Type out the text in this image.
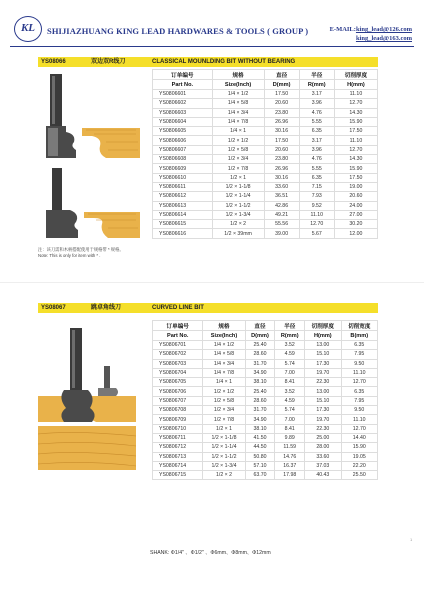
KL	SHIJIAZHUANG KING LEAD HARDWARES & TOOLS ( GROUP )	E-MAIL:king_lead@126.com
king_lead@163.com
YS08066	双边双R线刀	CLASSICAL MOUNLDING BIT WITHOUT BEARING
订单编号	规格	直径	半径	切削厚度
Part No.	Size(Inch)	D(mm)	R(mm)	H(mm)
YS0806601	1/4 × 1/2	17.50	3.17	11.10
YS0806602	1/4 × 5/8	20.60	3.96	12.70
YS0806603	1/4 × 3/4	23.80	4.76	14.30
YS0806604	1/4 × 7/8	26.96	5.55	15.90
YS0806605	1/4 × 1	30.16	6.35	17.50
YS0806606	1/2 × 1/2	17.50	3.17	11.10
YS0806607	1/2 × 5/8	20.60	3.96	12.70
YS0806608	1/2 × 3/4	23.80	4.76	14.30
YS0806609	1/2 × 7/8	26.96	5.55	15.90
YS0806610	1/2 × 1	30.16	6.35	17.50
YS0806611	1/2 × 1-1/8	33.60	7.15	19.00
YS0806612	1/2 × 1-1/4	36.51	7.93	20.60
YS0806613	1/2 × 1-1/2	42.86	9.52	24.00
YS0806614	1/2 × 1-3/4	49.21	11.10	27.00
YS0806615	1/2 × 2	55.56	12.70	30.20
YS0806616	1/2 × 39mm	39.00	5.67	12.00
注：该刀需和木柄搭配使用于规格带 * 规格。
Note: This is only for item with * .
YS08067	跳卓角线刀	CURVED LINE BIT
订单编号	规格	直径	半径	切削厚度	切削宽度
Part No.	Size(Inch)	D(mm)	R(mm)	H(mm)	B(mm)
YS0806701	1/4 × 1/2	25.40	3.52	13.00	6.35
YS0806702	1/4 × 5/8	28.60	4.59	15.10	7.95
YS0806703	1/4 × 3/4	31.70	5.74	17.30	9.50
YS0806704	1/4 × 7/8	34.90	7.00	19.70	11.10
YS0806705	1/4 × 1	38.10	8.41	22.30	12.70
YS0806706	1/2 × 1/2	25.40	3.52	13.00	6.35
YS0806707	1/2 × 5/8	28.60	4.59	15.10	7.95
YS0806708	1/2 × 3/4	31.70	5.74	17.30	9.50
YS0806709	1/2 × 7/8	34.90	7.00	19.70	11.10
YS0806710	1/2 × 1	38.10	8.41	22.30	12.70
YS0806711	1/2 × 1-1/8	41.50	9.89	25.00	14.40
YS0806712	1/2 × 1-1/4	44.50	11.59	28.00	15.90
YS0806713	1/2 × 1-1/2	50.80	14.76	33.60	19.05
YS0806714	1/2 × 1-3/4	57.10	16.37	37.03	22.20
YS0806715	1/2 × 2	63.70	17.98	40.43	25.50
1
SHANK: Φ1/4" 、Φ1/2" 、Φ6mm、Φ8mm、Φ12mm
